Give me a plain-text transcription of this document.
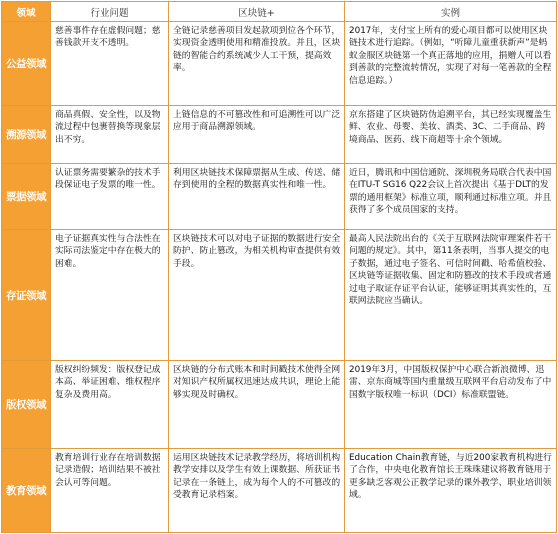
领域	行业问题	区块链+	实例
公益领域	慈善事件存在虚假问题；慈善钱款开支不透明。	全链记录慈善项目发起款项到位各个环节，实现资金透明使用和精准投放。并且，区块链的智能合约系统减少人工干预，提高效率。	2017年，支付宝上所有的爱心项目都可以使用区块链技术进行追踪。（例如，“听障儿童重获新声”是蚂蚁金服区块链第一个真正落地的应用，捐赠人可以看到善款的完整流转情况，实现了对每一笔善款的全程信息追踪。）
溯源领域	商品真假、安全性，以及物流过程中包裹替换等现象层出不穷。	上链信息的不可篡改性和可追溯性可以广泛应用于商品溯源领域。	京东搭建了区块链防伪追溯平台，其已经实现覆盖生鲜、农业、母婴、美妆、酒类、3C、二手商品、跨境商品、医药、线下商超等十余个领域。
票据领域	认证票务需要繁杂的技术手段保证电子发票的唯一性。	利用区块链技术保障票据从生成、传送、储存到使用的全程的数据真实性和唯一性。	近日，腾讯和中国信通院、深圳税务局联合代表中国在ITU-T SG16 Q22会议上首次提出《基于DLT的发票的通用框架》标准立项，顺利通过标准立项。并且获得了多个成员国家的支持。
存证领域	电子证据真实性与合法性在实际司法鉴定中存在极大的困难。	区块链技术可以对电子证据的数据进行安全防护、防止篡改，为相关机构审查提供有效手段。	最高人民法院出台的《关于互联网法院审理案件若干问题的规定》。其中，第11条表明，当事人提交的电子数据，通过电子签名、可信时间戳、哈希值校验、区块链等证据收集、固定和防篡改的技术手段或者通过电子取证存证平台认证，能够证明其真实性的，互联网法院应当确认。
版权领域	版权纠纷频发：版权登记成本高、举证困难、维权程序复杂及费用高。	区块链的分布式账本和时间戳技术使得全网对知识产权所属权迅速达成共识，理论上能够实现及时确权。	2019年3月，中国版权保护中心联合新浪微博、迅雷、京东商城等国内重量级互联网平台启动发布了中国数字版权唯一标识（DCI）标准联盟链。
教育领域	教育培训行业存在培训数据记录造假；培训结果不被社会认可等问题。	运用区块链技术记录教学经历，将培训机构教学安排以及学生有效上课数据、所获证书记录在一条链上，成为每个人的不可篡改的受教育记录档案。	Education Chain教育链，与近200家教育机构进行了合作，中央电化教育馆长王珠珠建议将教育链用于更多缺乏客观公正教学记录的课外教学、职业培训领域。
